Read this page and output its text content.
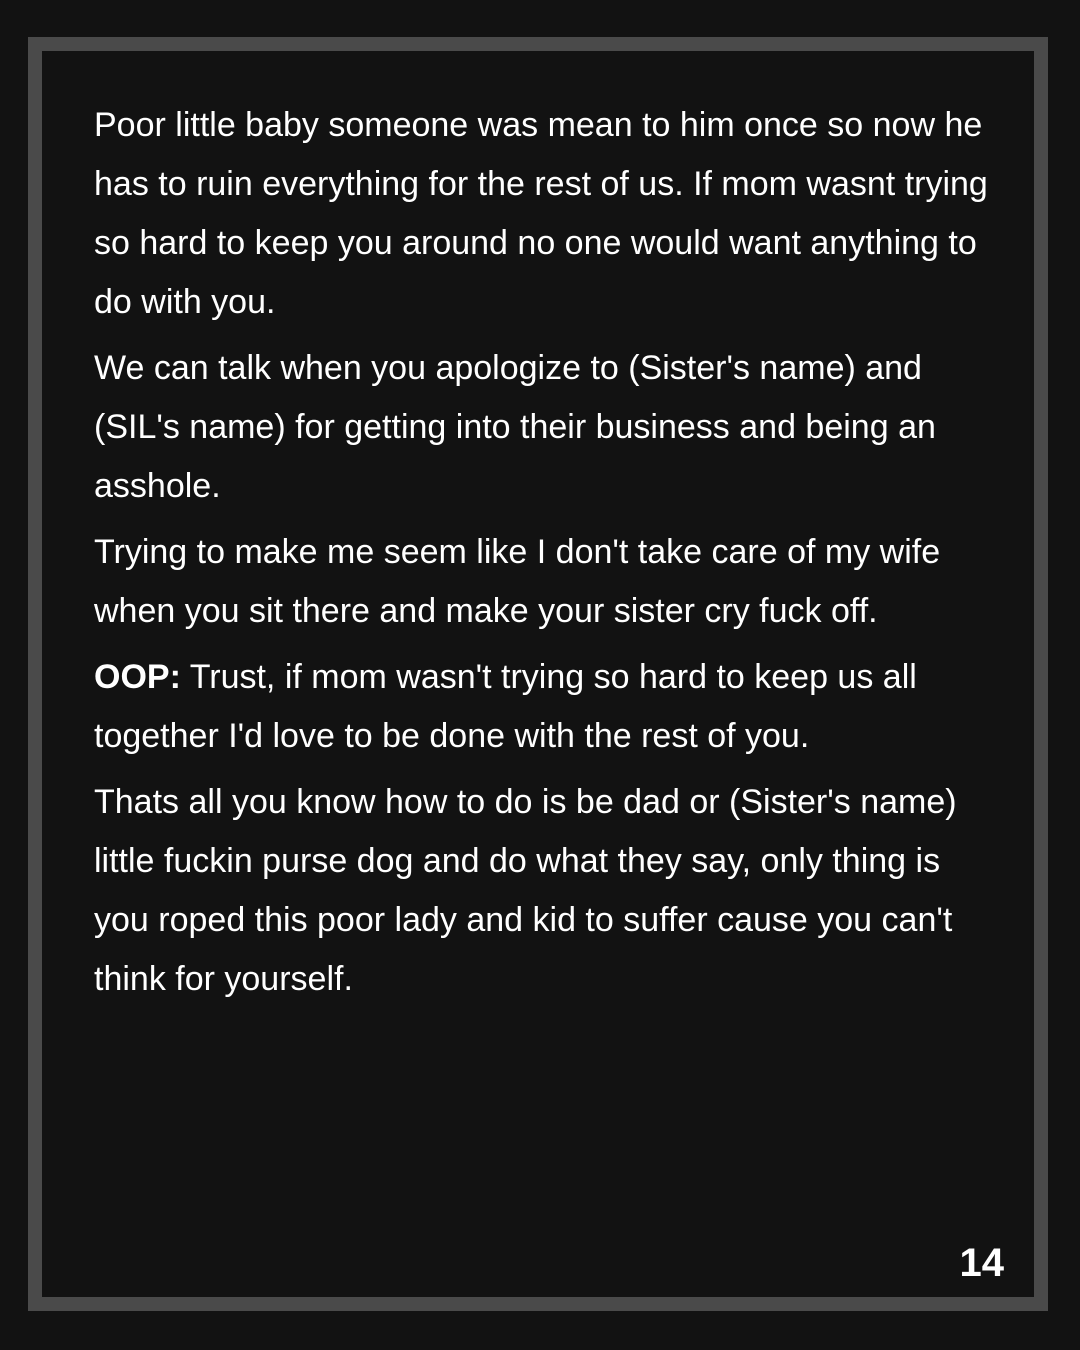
Poor little baby someone was mean to him once so now he has to ruin everything for the rest of us. If mom wasnt trying so hard to keep you around no one would want anything to do with you.

We can talk when you apologize to (Sister's name) and (SIL's name) for getting into their business and being an asshole.

Trying to make me seem like I don't take care of my wife when you sit there and make your sister cry fuck off.

OOP: Trust, if mom wasn't trying so hard to keep us all together I'd love to be done with the rest of you.

Thats all you know how to do is be dad or (Sister's name) little fuckin purse dog and do what they say, only thing is you roped this poor lady and kid to suffer cause you can't think for yourself.

14
